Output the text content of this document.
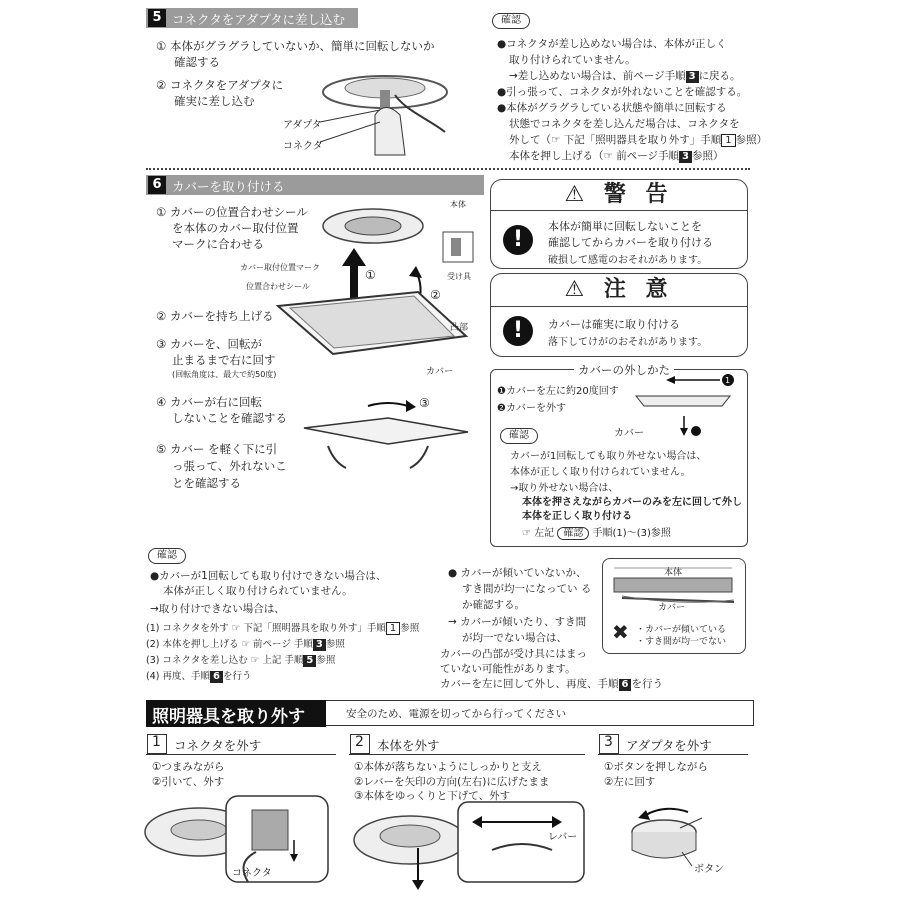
5 コネクタをアダプタに差し込む
① 本体がグラグラしていないか、簡単に回転しないか
確認する
② コネクタをアダプタに
確実に差し込む
アダプタ
コネクタ
確認
●コネクタが差し込めない場合は、本体が正しく
取り付けられていません。
→差し込めない場合は、前ページ手順 3 に戻る。
●引っ張って、コネクタが外れないことを確認する。
●本体がグラグラしている状態や簡単に回転する
状態でコネクタを差し込んだ場合は、コネクタを
外して（☞ 下記「照明器具を取り外す」手順 1 参照）
本体を押し上げる（☞ 前ページ手順 3 参照）
6 カバーを取り付ける
① カバーの位置合わせシール
を本体のカバー取付位置
マークに合わせる
② カバーを持ち上げる
③ カバーを、回転が
止まるまで右に回す
(回転角度は、最大で約50度)
④ カバーが右に回転
しないことを確認する
⑤ カバー を軽く下に引
っ張って、外れないこ
とを確認する
本体
カバー取付位置マーク
位置合わせシール
受け具
凸部
カバー
①
②
③
⚠ 警 告
!
本体が簡単に回転しないことを
確認してからカバーを取り付ける
破損して感電のおそれがあります。
⚠ 注 意
!	カバーは確実に取り付ける
落下してけがのおそれがあります。
カバーの外しかた
❶カバーを左に約20度回す
❷カバーを外す
1
カバー
確認
カバーが1回転しても取り外せない場合は、
本体が正しく取り付けられていません。
→取り外せない場合は、
本体を押さえながらカバーのみを左に回して外し
本体を正しく取り付ける
☞ 左記 確認 手順(1)～(3)参照
確認
●カバーが1回転しても取り付けできない場合は、
本体が正しく取り付けられていません。
→取り付けできない場合は、
(1) コネクタを外す ☞ 下記「照明器具を取り外す」手順 1 参照
(2) 本体を押し上げる ☞ 前ページ 手順 3 参照
(3) コネクタを差し込む ☞ 上記 手順 5 参照
(4) 再度、手順 6 を行う
● カバーが傾いていないか、
すき間が均一になってい る
か確認する。
→ カバーが傾いたり、すき間
が均一でない場合は、
カバーの凸部が受け具にはまっ
ていない可能性があります。
カバーを左に回して外し、再度、手順 6 を行う
本体
カバー
✖ ・カバーが傾いている
・すき間が均一でない
照明器具を取り外す	安全のため、電源を切ってから行ってください
1 コネクタを外す
①つまみながら
②引いて、外す
コネクタ
2 本体を外す
①本体が落ちないようにしっかりと支え
②レバーを矢印の方向(左右)に広げたまま
③本体をゆっくりと下げて、外す
レバー
3 アダプタを外す
①ボタンを押しながら
②左に回す
ボタン
